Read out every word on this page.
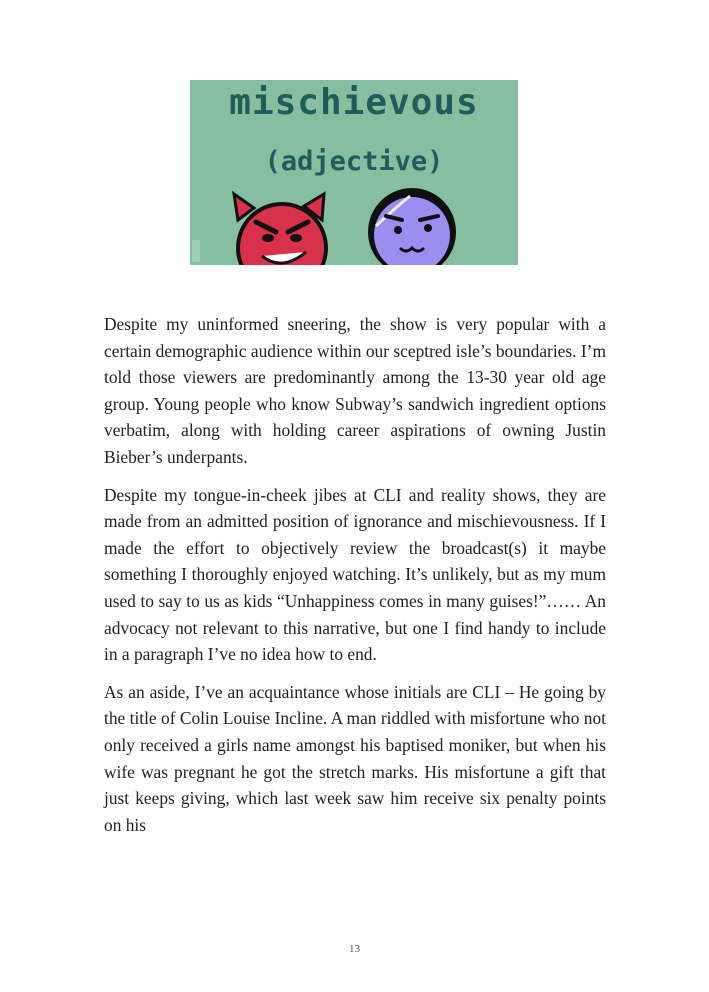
mischievous
(adjective)

Despite my uninformed sneering, the show is very popular with a certain demographic audience within our sceptred isle’s boundaries. I’m told those viewers are predominantly among the 13-30 year old age group. Young people who know Subway’s sandwich ingredient options verbatim, along with holding career aspirations of owning Justin Bieber’s underpants.

Despite my tongue-in-cheek jibes at CLI and reality shows, they are made from an admitted position of ignorance and mischievousness. If I made the effort to objectively review the broadcast(s) it maybe something I thoroughly enjoyed watching. It’s unlikely, but as my mum used to say to us as kids “Unhappiness comes in many guises!”…… An advocacy not relevant to this narrative, but one I find handy to include in a paragraph I’ve no idea how to end.

As an aside, I’ve an acquaintance whose initials are CLI – He going by the title of Colin Louise Incline. A man riddled with misfortune who not only received a girls name amongst his baptised moniker, but when his wife was pregnant he got the stretch marks. His misfortune a gift that just keeps giving, which last week saw him receive six penalty points on his

13
